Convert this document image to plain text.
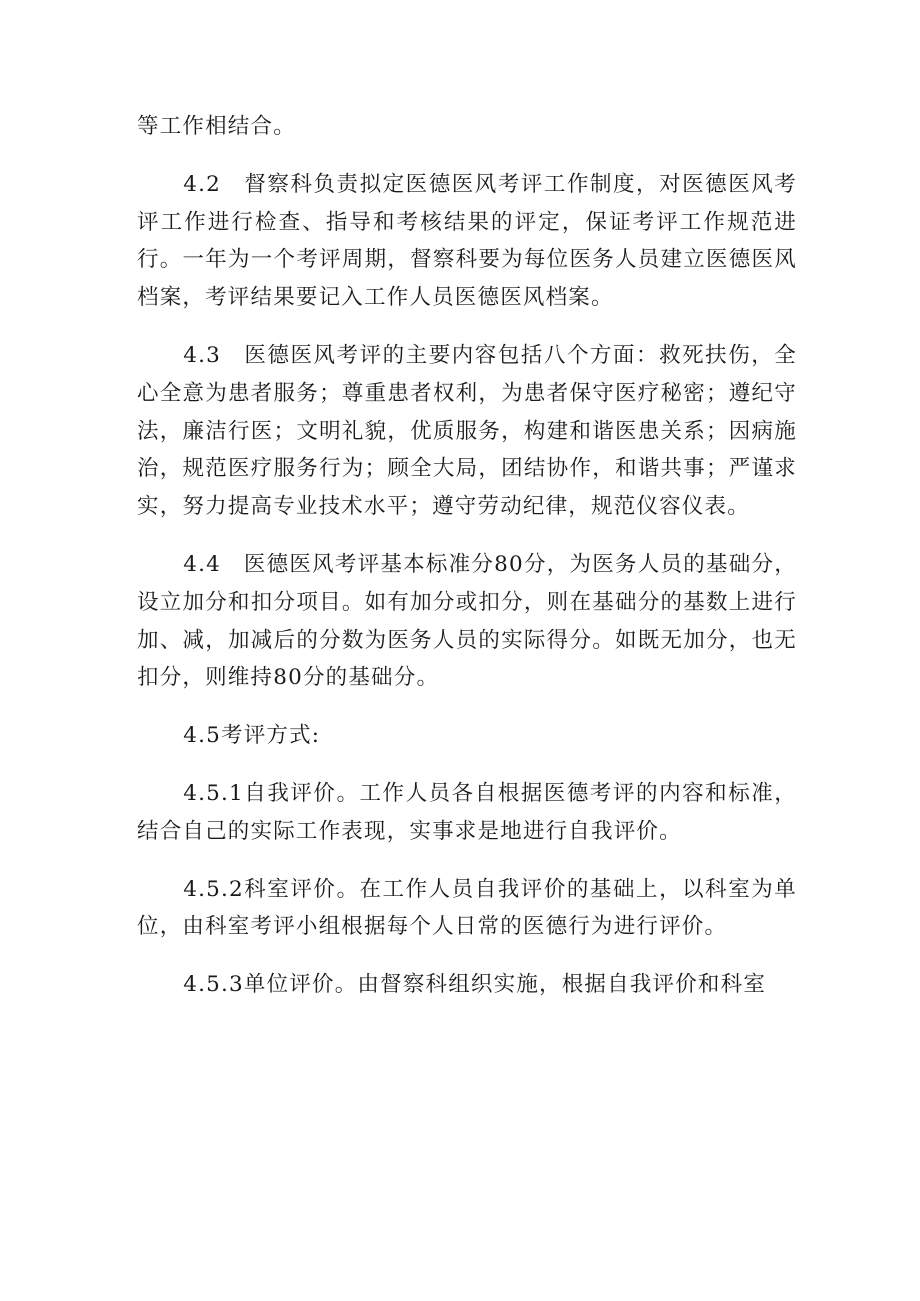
等工作相结合。

4.2　督察科负责拟定医德医风考评工作制度，对医德医风考评工作进行检查、指导和考核结果的评定，保证考评工作规范进行。一年为一个考评周期，督察科要为每位医务人员建立医德医风档案，考评结果要记入工作人员医德医风档案。

4.3　医德医风考评的主要内容包括八个方面：救死扶伤，全心全意为患者服务；尊重患者权利，为患者保守医疗秘密；遵纪守法，廉洁行医；文明礼貌，优质服务，构建和谐医患关系；因病施治，规范医疗服务行为；顾全大局，团结协作，和谐共事；严谨求实，努力提高专业技术水平；遵守劳动纪律，规范仪容仪表。

4.4　医德医风考评基本标准分80分，为医务人员的基础分，设立加分和扣分项目。如有加分或扣分，则在基础分的基数上进行加、减，加减后的分数为医务人员的实际得分。如既无加分，也无扣分，则维持80分的基础分。

4.5考评方式:

4.5.1自我评价。工作人员各自根据医德考评的内容和标准，结合自己的实际工作表现，实事求是地进行自我评价。

4.5.2科室评价。在工作人员自我评价的基础上，以科室为单位，由科室考评小组根据每个人日常的医德行为进行评价。

4.5.3单位评价。由督察科组织实施，根据自我评价和科室
